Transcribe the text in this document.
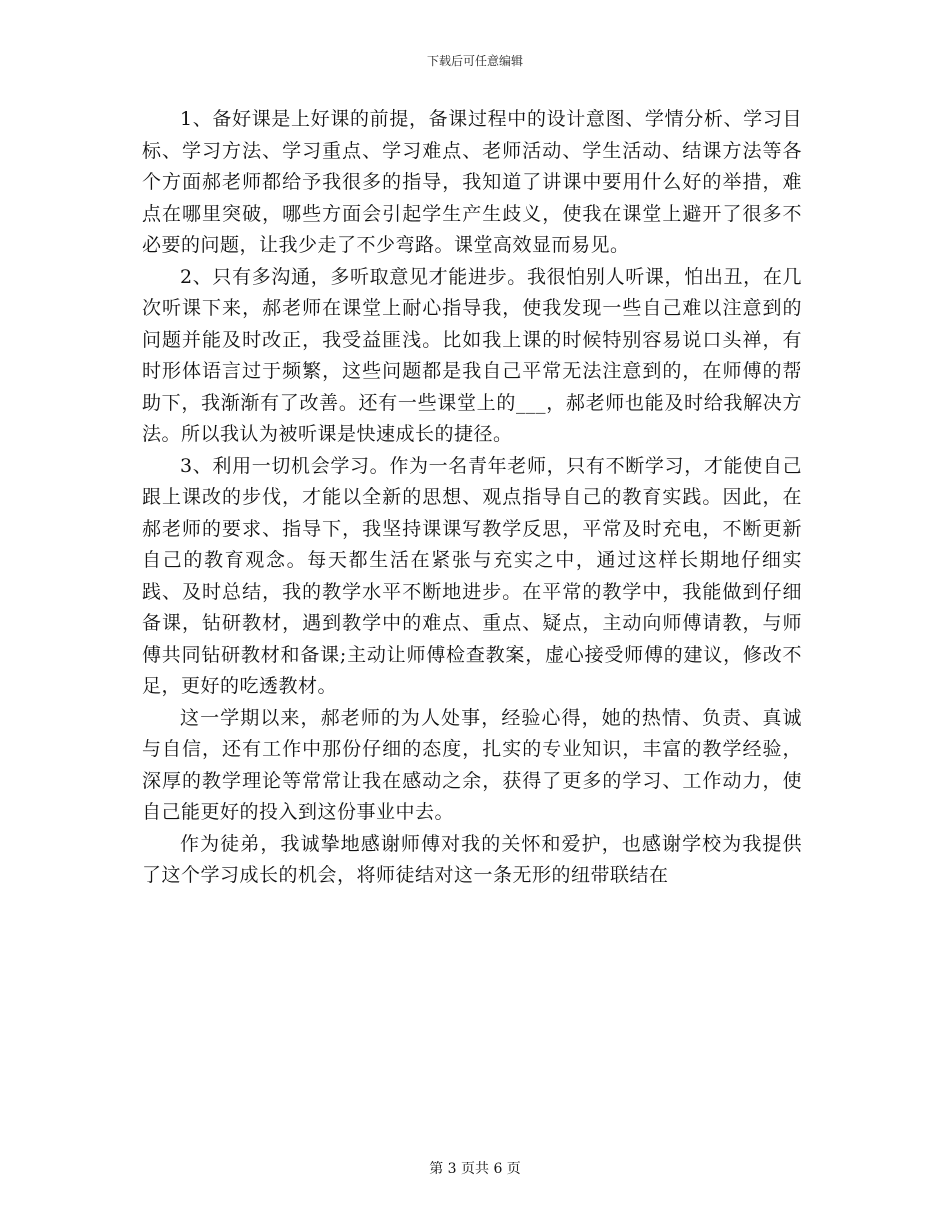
下载后可任意编辑

1、备好课是上好课的前提，备课过程中的设计意图、学情分析、学习目标、学习方法、学习重点、学习难点、老师活动、学生活动、结课方法等各个方面郝老师都给予我很多的指导，我知道了讲课中要用什么好的举措，难点在哪里突破，哪些方面会引起学生产生歧义，使我在课堂上避开了很多不必要的问题，让我少走了不少弯路。课堂高效显而易见。

2、只有多沟通，多听取意见才能进步。我很怕别人听课，怕出丑，在几次听课下来，郝老师在课堂上耐心指导我，使我发现一些自己难以注意到的问题并能及时改正，我受益匪浅。比如我上课的时候特别容易说口头禅，有时形体语言过于频繁，这些问题都是我自己平常无法注意到的，在师傅的帮助下，我渐渐有了改善。还有一些课堂上的___，郝老师也能及时给我解决方法。所以我认为被听课是快速成长的捷径。

3、利用一切机会学习。作为一名青年老师，只有不断学习，才能使自己跟上课改的步伐，才能以全新的思想、观点指导自己的教育实践。因此，在郝老师的要求、指导下，我坚持课课写教学反思，平常及时充电，不断更新自己的教育观念。每天都生活在紧张与充实之中，通过这样长期地仔细实践、及时总结，我的教学水平不断地进步。在平常的教学中，我能做到仔细备课，钻研教材，遇到教学中的难点、重点、疑点，主动向师傅请教，与师傅共同钻研教材和备课;主动让师傅检查教案，虚心接受师傅的建议，修改不足，更好的吃透教材。

这一学期以来，郝老师的为人处事，经验心得，她的热情、负责、真诚与自信，还有工作中那份仔细的态度，扎实的专业知识，丰富的教学经验，深厚的教学理论等常常让我在感动之余，获得了更多的学习、工作动力，使自己能更好的投入到这份事业中去。

作为徒弟，我诚挚地感谢师傅对我的关怀和爱护，也感谢学校为我提供了这个学习成长的机会，将师徒结对这一条无形的纽带联结在

第 3 页共 6 页
